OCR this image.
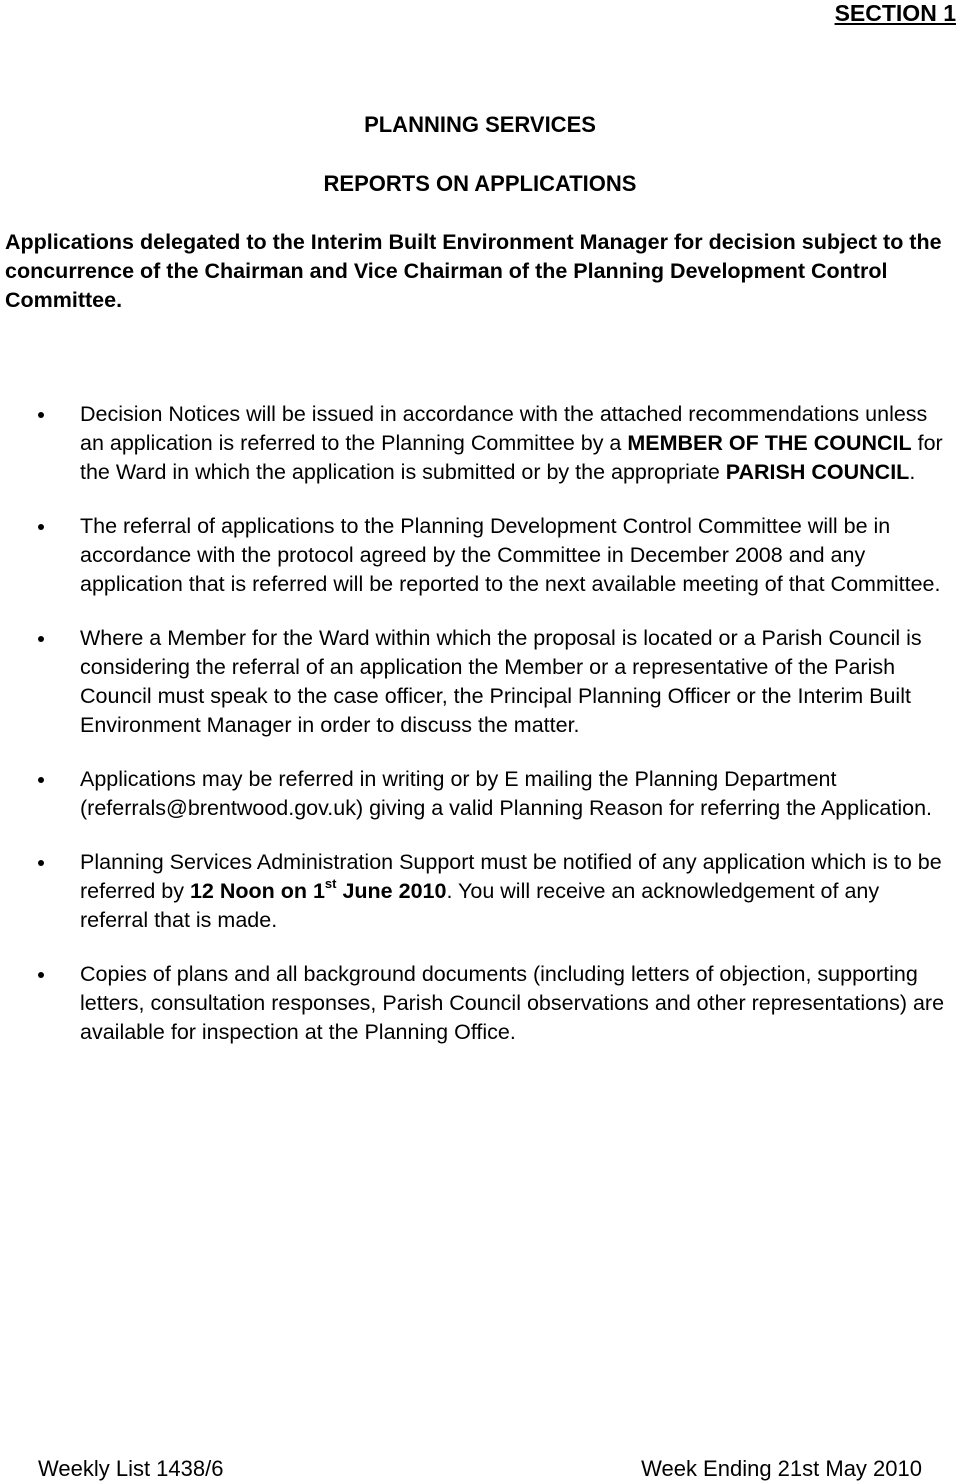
SECTION 1
PLANNING SERVICES
REPORTS ON APPLICATIONS
Applications delegated to the Interim Built Environment Manager for decision subject to the concurrence of the Chairman and Vice Chairman of the Planning Development Control Committee.
Decision Notices will be issued in accordance with the attached recommendations unless an application is referred to the Planning Committee by a MEMBER OF THE COUNCIL for the Ward in which the application is submitted or by the appropriate PARISH COUNCIL.
The referral of applications to the Planning Development Control Committee will be in accordance with the protocol agreed by the Committee in December 2008 and any application that is referred will be reported to the next available meeting of that Committee.
Where a Member for the Ward within which the proposal is located or a Parish Council is considering the referral of an application the Member or a representative of the Parish Council must speak to the case officer, the Principal Planning Officer or the Interim Built Environment Manager in order to discuss the matter.
Applications may be referred in writing or by E mailing the Planning Department (referrals@brentwood.gov.uk) giving a valid Planning Reason for referring the Application.
Planning Services Administration Support must be notified of any application which is to be referred by 12 Noon on 1st June 2010. You will receive an acknowledgement of any referral that is made.
Copies of plans and all background documents (including letters of objection, supporting letters, consultation responses, Parish Council observations and other representations) are available for inspection at the Planning Office.
Weekly List 1438/6	Week Ending 21st May 2010
